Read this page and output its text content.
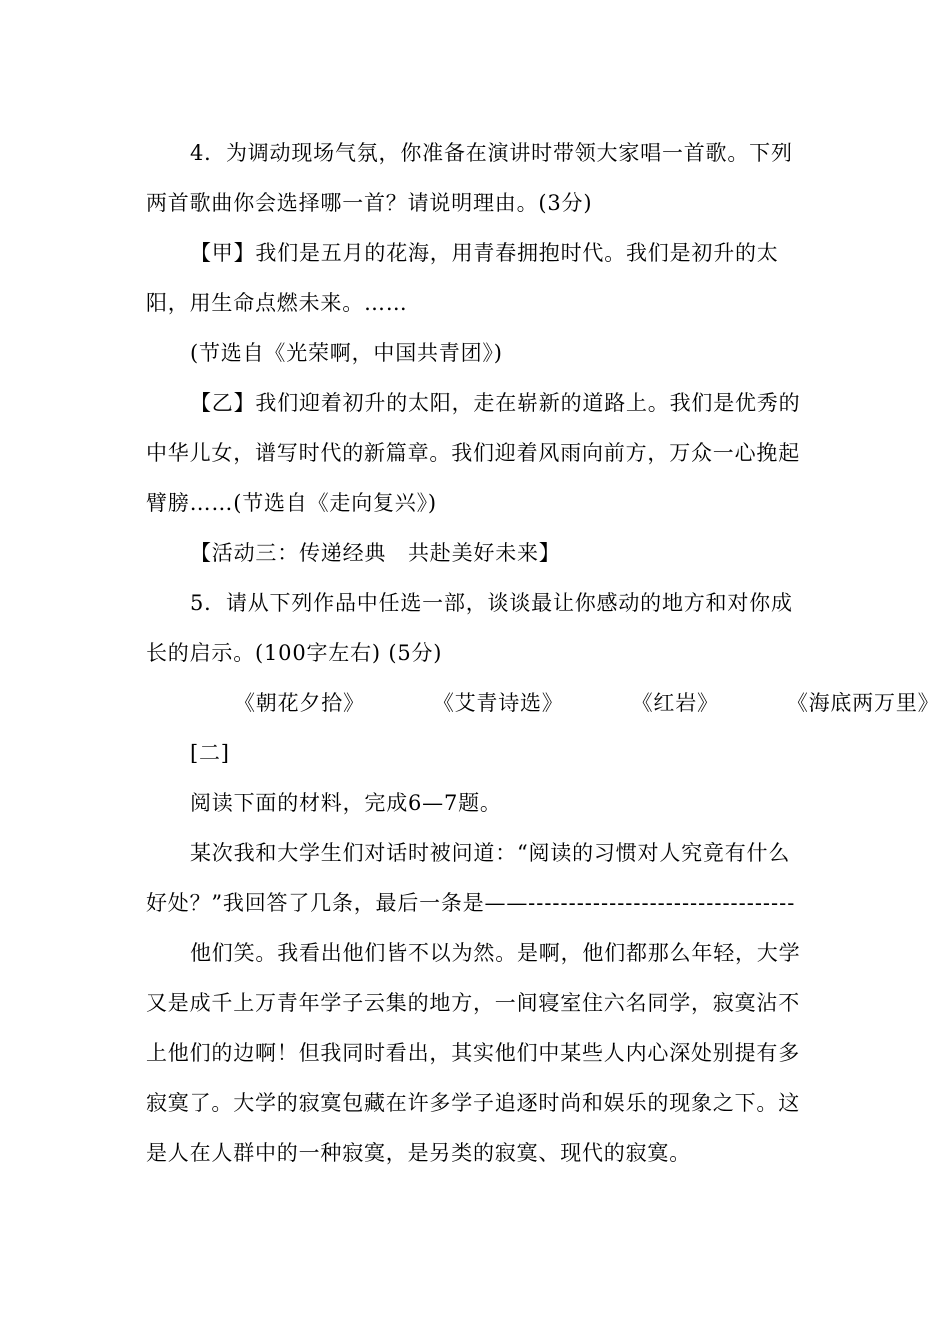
4．为调动现场气氛，你准备在演讲时带领大家唱一首歌。下列两首歌曲你会选择哪一首？请说明理由。(3分)

【甲】我们是五月的花海，用青春拥抱时代。我们是初升的太阳，用生命点燃未来。……

(节选自《光荣啊，中国共青团》)

【乙】我们迎着初升的太阳，走在崭新的道路上。我们是优秀的中华儿女，谱写时代的新篇章。我们迎着风雨向前方，万众一心挽起臂膀……(节选自《走向复兴》)

【活动三：传递经典　共赴美好未来】

5．请从下列作品中任选一部，谈谈最让你感动的地方和对你成长的启示。(100字左右) (5分)

《朝花夕拾》	《艾青诗选》	《红岩》	《海底两万里》

[二]

阅读下面的材料，完成6—7题。

某次我和大学生们对话时被问道：“阅读的习惯对人究竟有什么好处？”我回答了几条，最后一条是——---------------------------------

他们笑。我看出他们皆不以为然。是啊，他们都那么年轻，大学又是成千上万青年学子云集的地方，一间寝室住六名同学，寂寞沾不上他们的边啊！但我同时看出，其实他们中某些人内心深处别提有多寂寞了。大学的寂寞包藏在许多学子追逐时尚和娱乐的现象之下。这是人在人群中的一种寂寞，是另类的寂寞、现代的寂寞。
